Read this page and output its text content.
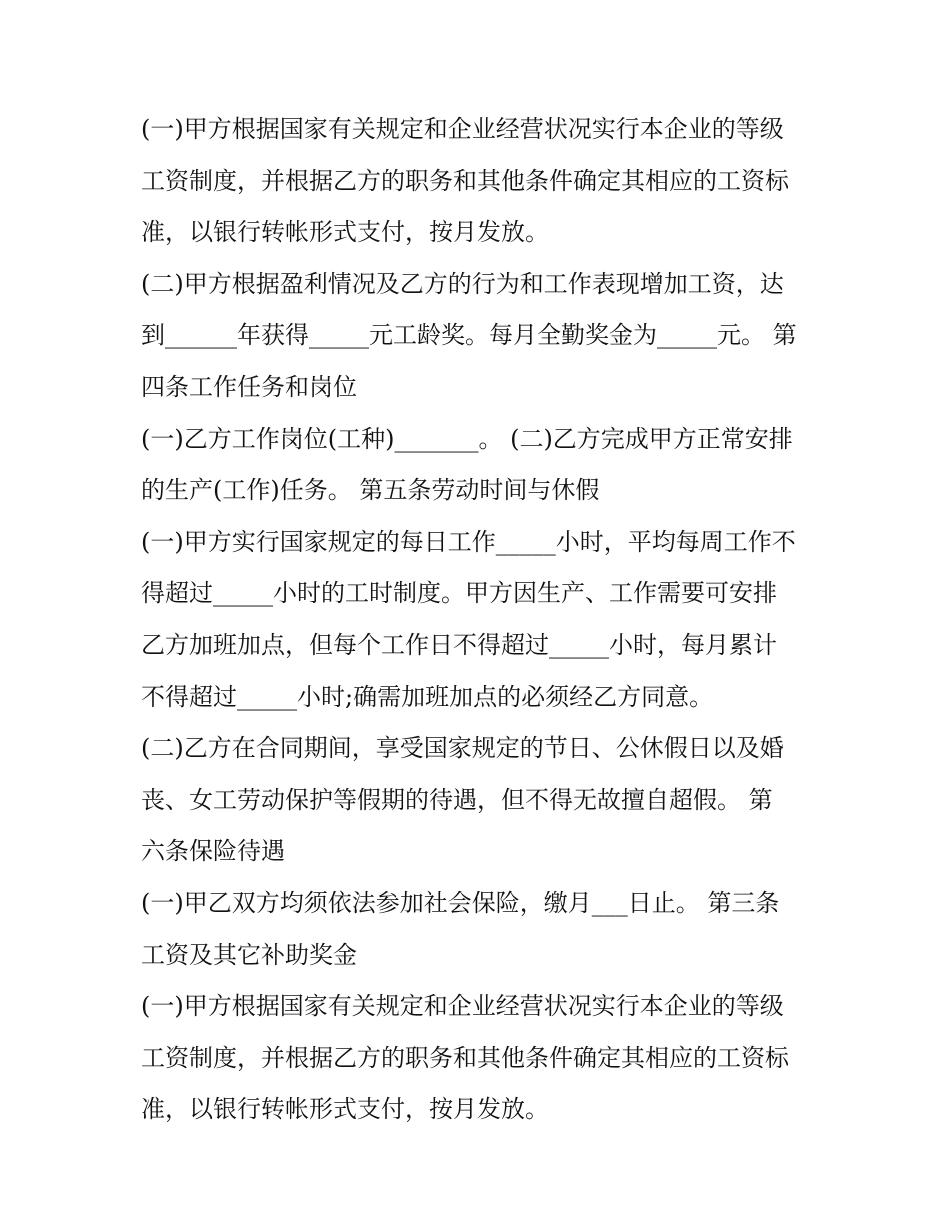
(一)甲方根据国家有关规定和企业经营状况实行本企业的等级
工资制度，并根据乙方的职务和其他条件确定其相应的工资标
准，以银行转帐形式支付，按月发放。
(二)甲方根据盈利情况及乙方的行为和工作表现增加工资，达
到______年获得_____元工龄奖。每月全勤奖金为_____元。 第
四条工作任务和岗位
(一)乙方工作岗位(工种)_______。 (二)乙方完成甲方正常安排
的生产(工作)任务。 第五条劳动时间与休假
(一)甲方实行国家规定的每日工作_____小时，平均每周工作不
得超过_____小时的工时制度。甲方因生产、工作需要可安排
乙方加班加点，但每个工作日不得超过_____小时，每月累计
不得超过_____小时;确需加班加点的必须经乙方同意。
(二)乙方在合同期间，享受国家规定的节日、公休假日以及婚
丧、女工劳动保护等假期的待遇，但不得无故擅自超假。 第
六条保险待遇
(一)甲乙双方均须依法参加社会保险，缴月___日止。 第三条
工资及其它补助奖金
(一)甲方根据国家有关规定和企业经营状况实行本企业的等级
工资制度，并根据乙方的职务和其他条件确定其相应的工资标
准，以银行转帐形式支付，按月发放。
